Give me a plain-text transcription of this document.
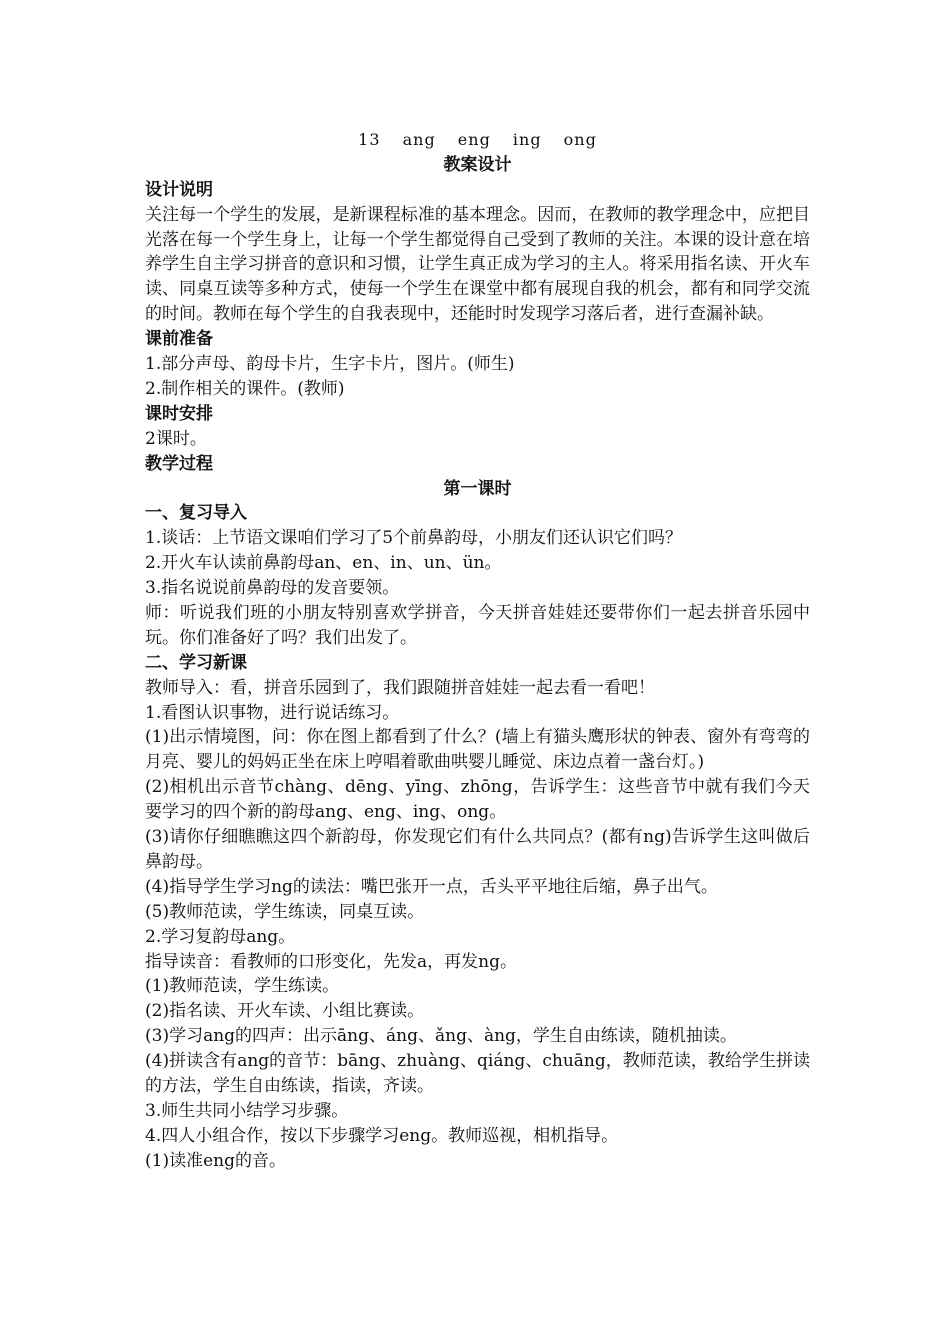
13 ang eng ing ong
教案设计
设计说明
关注每一个学生的发展，是新课程标准的基本理念。因而，在教师的教学理念中，应把目光落在每一个学生身上，让每一个学生都觉得自己受到了教师的关注。本课的设计意在培养学生自主学习拼音的意识和习惯，让学生真正成为学习的主人。将采用指名读、开火车读、同桌互读等多种方式，使每一个学生在课堂中都有展现自我的机会，都有和同学交流的时间。教师在每个学生的自我表现中，还能时时发现学习落后者，进行查漏补缺。
课前准备
1.部分声母、韵母卡片，生字卡片，图片。(师生)
2.制作相关的课件。(教师)
课时安排
2课时。
教学过程
第一课时
一、复习导入
1.谈话：上节语文课咱们学习了5个前鼻韵母，小朋友们还认识它们吗？
2.开火车认读前鼻韵母an、en、in、un、ün。
3.指名说说前鼻韵母的发音要领。
师：听说我们班的小朋友特别喜欢学拼音，今天拼音娃娃还要带你们一起去拼音乐园中玩。你们准备好了吗？我们出发了。
二、学习新课
教师导入：看，拼音乐园到了，我们跟随拼音娃娃一起去看一看吧！
1.看图认识事物，进行说话练习。
(1)出示情境图，问：你在图上都看到了什么？(墙上有猫头鹰形状的钟表、窗外有弯弯的月亮、婴儿的妈妈正坐在床上哼唱着歌曲哄婴儿睡觉、床边点着一盏台灯。)
(2)相机出示音节chàng、dēng、yīng、zhōng，告诉学生：这些音节中就有我们今天要学习的四个新的韵母ang、eng、ing、ong。
(3)请你仔细瞧瞧这四个新韵母，你发现它们有什么共同点？(都有ng)告诉学生这叫做后鼻韵母。
(4)指导学生学习ng的读法：嘴巴张开一点，舌头平平地往后缩，鼻子出气。
(5)教师范读，学生练读，同桌互读。
2.学习复韵母ang。
指导读音：看教师的口形变化，先发a，再发ng。
(1)教师范读，学生练读。
(2)指名读、开火车读、小组比赛读。
(3)学习ang的四声：出示āng、áng、ǎng、àng，学生自由练读，随机抽读。
(4)拼读含有ang的音节：bāng、zhuàng、qiáng、chuāng，教师范读，教给学生拼读的方法，学生自由练读，指读，齐读。
3.师生共同小结学习步骤。
4.四人小组合作，按以下步骤学习eng。教师巡视，相机指导。
(1)读准eng的音。
